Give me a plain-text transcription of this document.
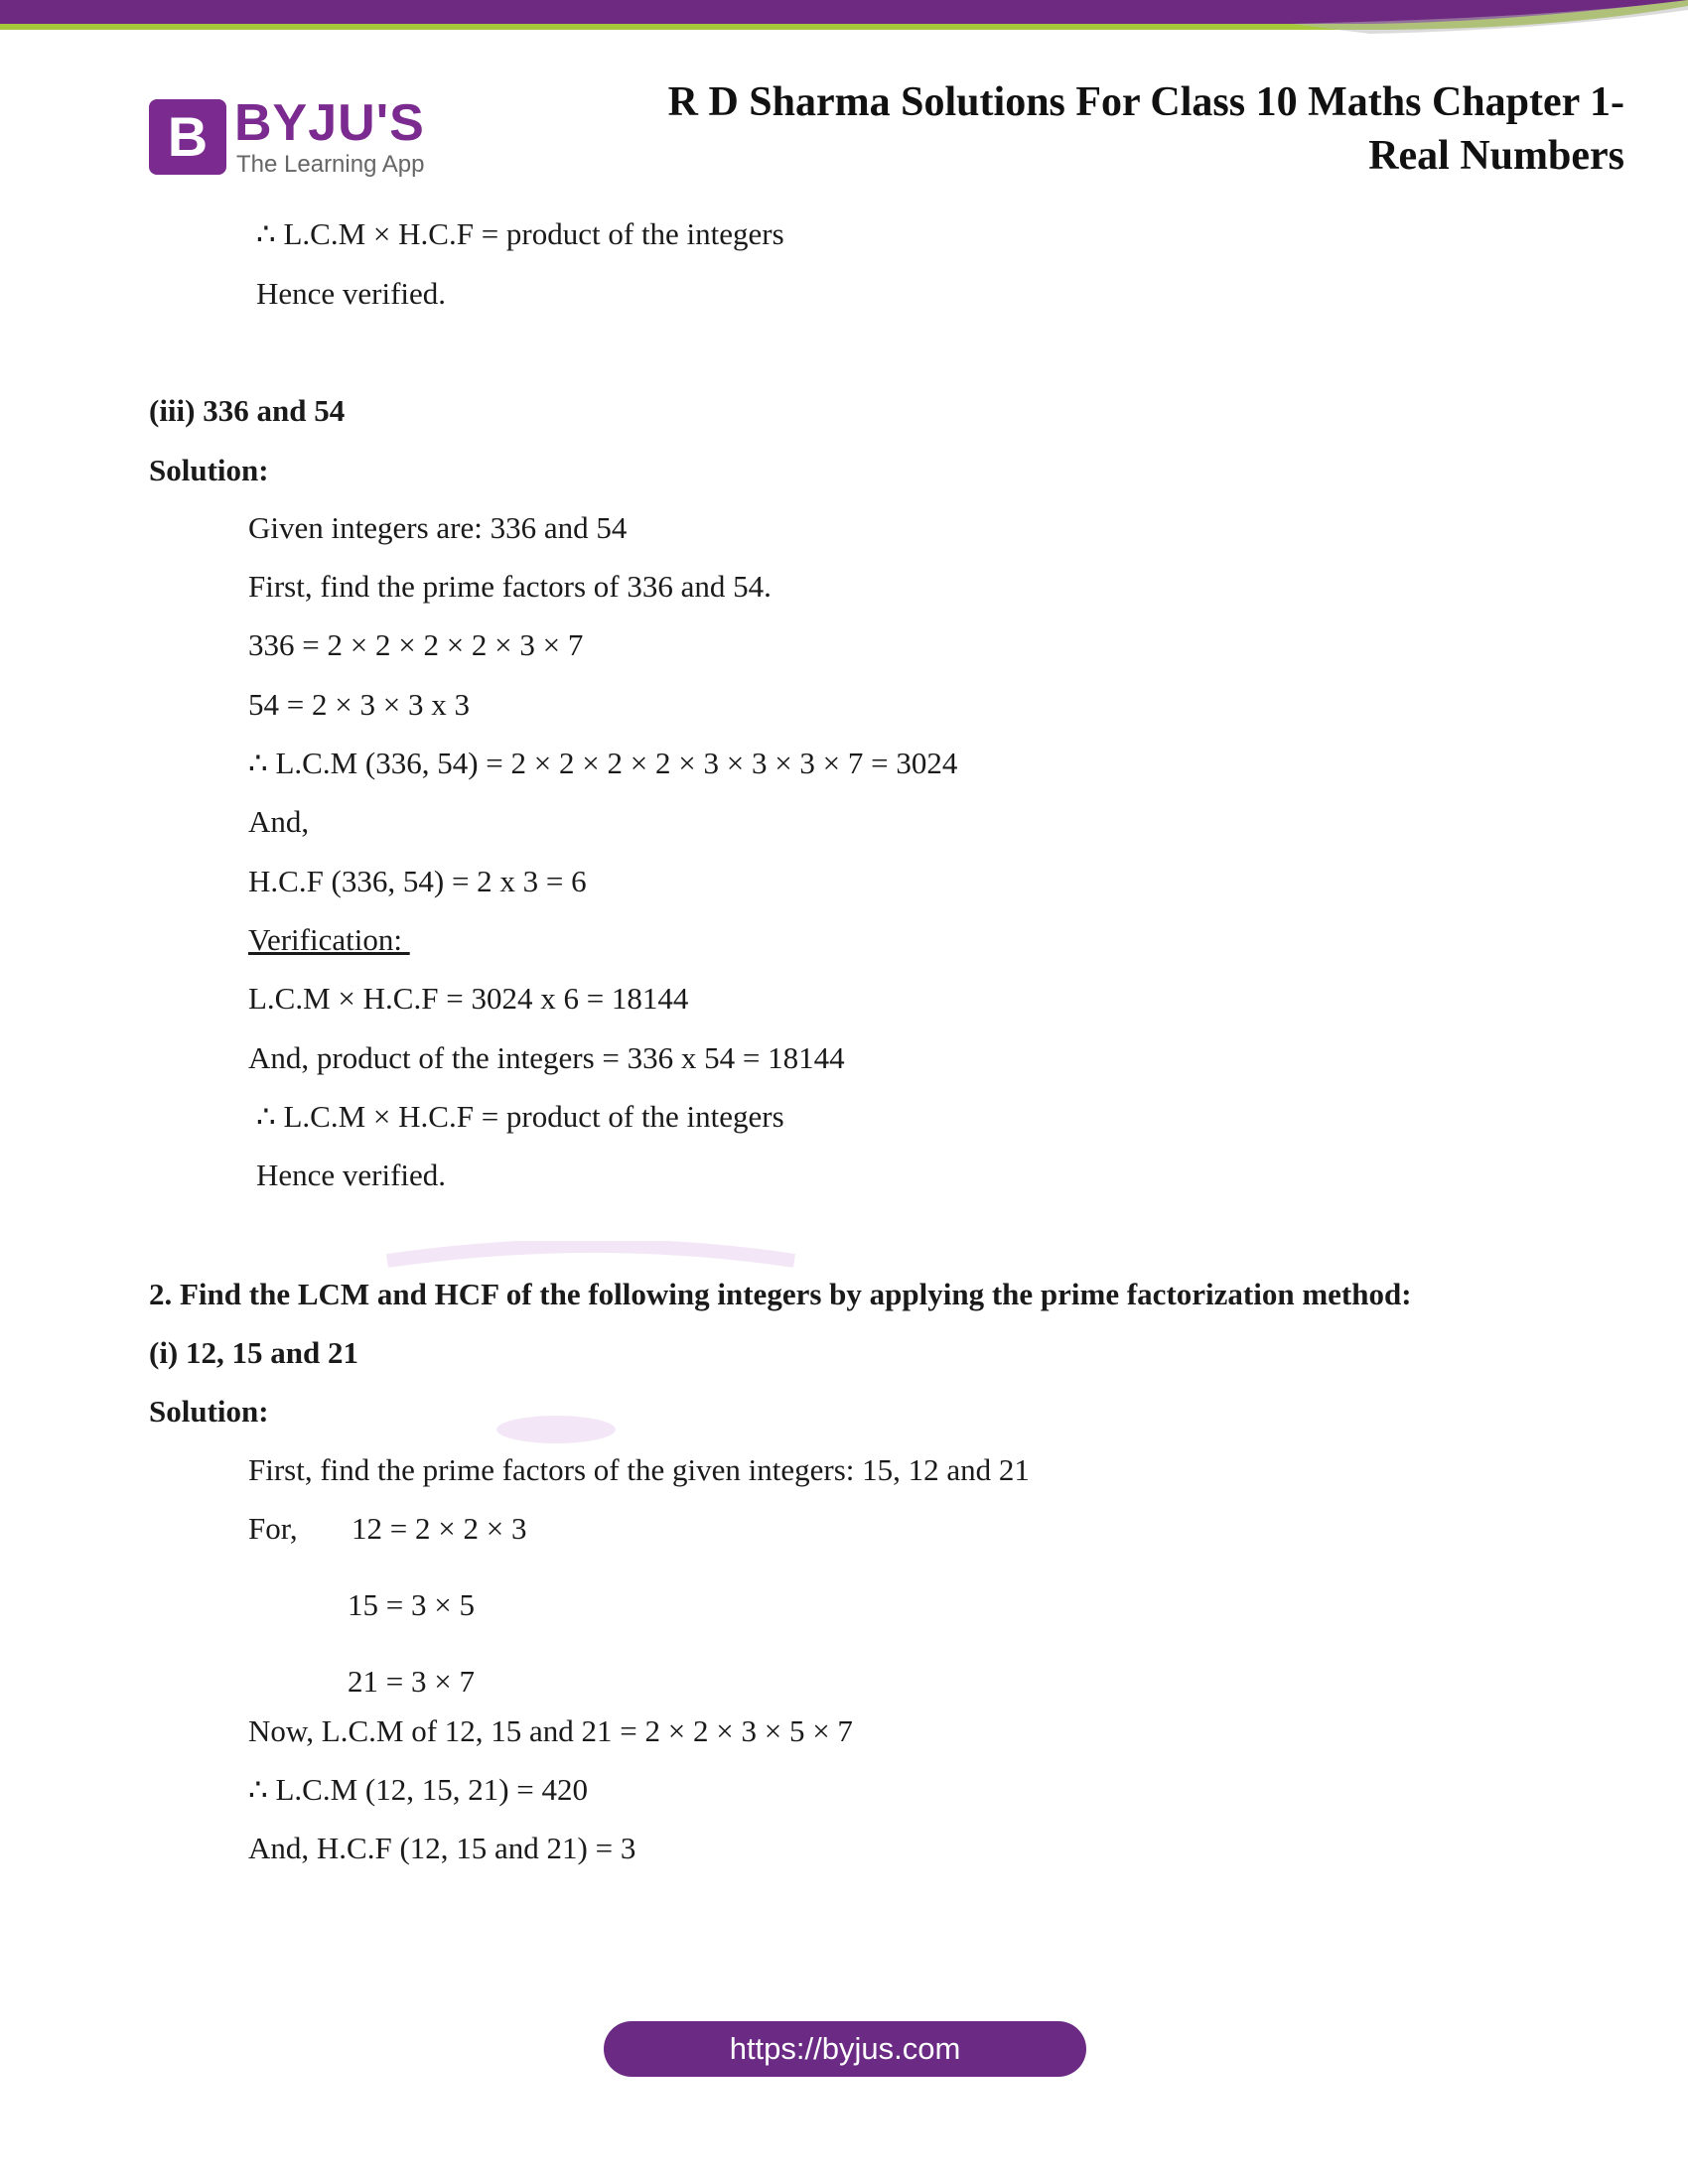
B BYJU'S
The Learning App
R D Sharma Solutions For Class 10 Maths Chapter 1-
Real Numbers
∴ L.C.M × H.C.F = product of the integers
Hence verified.
(iii) 336 and 54
Solution:
Given integers are: 336 and 54
First, find the prime factors of 336 and 54.
336 = 2 × 2 × 2 × 2 × 3 × 7
54 = 2 × 3 × 3 x 3
∴ L.C.M (336, 54) = 2 × 2 × 2 × 2 × 3 × 3 × 3 × 7 = 3024
And,
H.C.F (336, 54) = 2 x 3 = 6
Verification:
L.C.M × H.C.F = 3024 x 6 = 18144
And, product of the integers = 336 x 54 = 18144
∴ L.C.M × H.C.F = product of the integers
Hence verified.
2. Find the LCM and HCF of the following integers by applying the prime factorization method:
(i) 12, 15 and 21
Solution:
First, find the prime factors of the given integers: 15, 12 and 21
For, 12 = 2 × 2 × 3
15 = 3 × 5
21 = 3 × 7
Now, L.C.M of 12, 15 and 21 = 2 × 2 × 3 × 5 × 7
∴ L.C.M (12, 15, 21) = 420
And, H.C.F (12, 15 and 21) = 3
https://byjus.com
